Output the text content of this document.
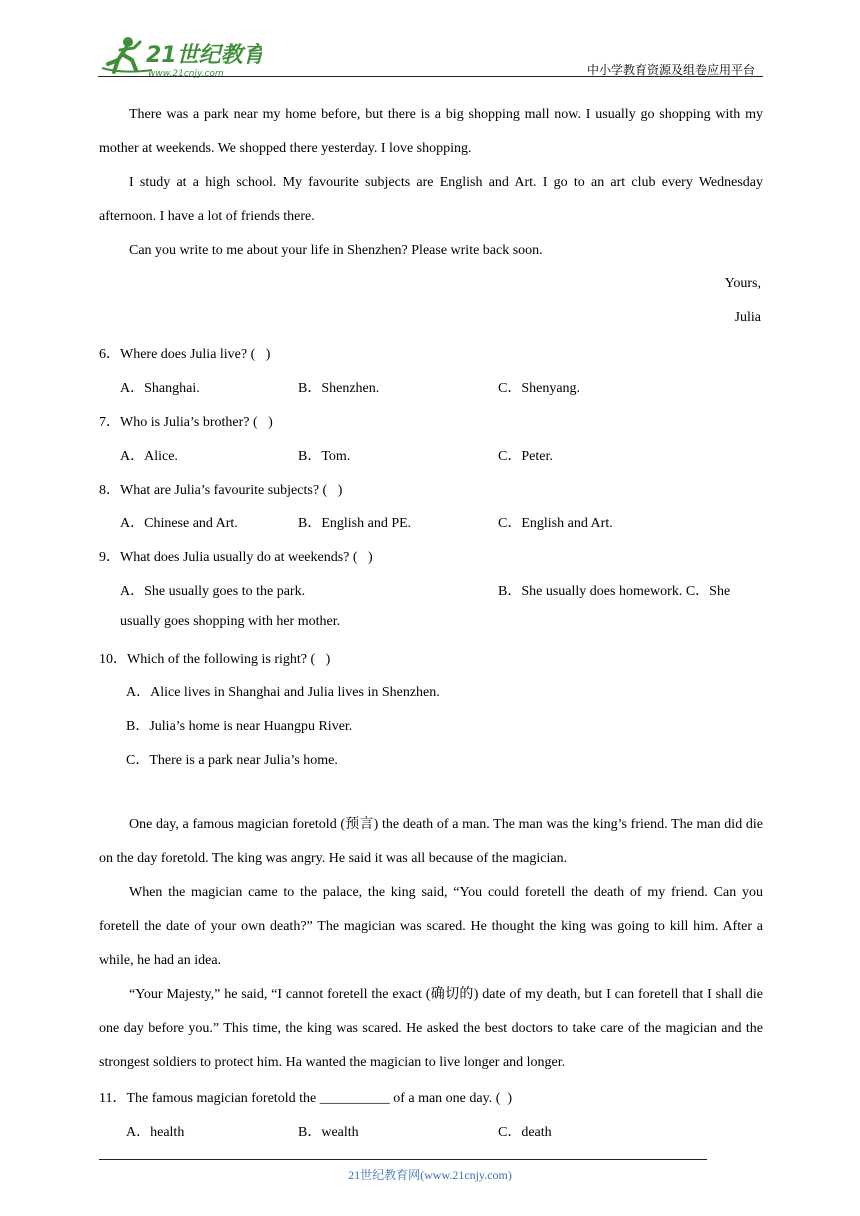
21世纪教育
www.21cnjy.com	中小学教育资源及组卷应用平台

There was a park near my home before, but there is a big shopping mall now. I usually go shopping with my mother at weekends. We shopped there yesterday. I love shopping.

I study at a high school. My favourite subjects are English and Art. I go to an art club every Wednesday afternoon. I have a lot of friends there.

Can you write to me about your life in Shenzhen? Please write back soon.

Yours,
Julia
6．Where does Julia live? (   )
A．Shanghai.	B．Shenzhen.	C．Shenyang.
7．Who is Julia’s brother? (   )
A．Alice.	B．Tom.	C．Peter.
8．What are Julia’s favourite subjects? (   )
A．Chinese and Art.	B．English and PE.	C．English and Art.
9．What does Julia usually do at weekends? (   )
A．She usually goes to the park.	B．She usually does homework. C．She
usually goes shopping with her mother.
10．Which of the following is right? (   )
A．Alice lives in Shanghai and Julia lives in Shenzhen.
B．Julia’s home is near Huangpu River.
C．There is a park near Julia’s home.

One day, a famous magician foretold (预言) the death of a man. The man was the king’s friend. The man did die on the day foretold. The king was angry. He said it was all because of the magician.

When the magician came to the palace, the king said, “You could foretell the death of my friend. Can you foretell the date of your own death?” The magician was scared. He thought the king was going to kill him. After a while, he had an idea.

“Your Majesty,” he said, “I cannot foretell the exact (确切的) date of my death, but I can foretell that I shall die one day before you.” This time, the king was scared. He asked the best doctors to take care of the magician and the strongest soldiers to protect him. Ha wanted the magician to live longer and longer.

11．The famous magician foretold the __________ of a man one day. (  )
A．health	B．wealth	C．death
21世纪教育网(www.21cnjy.com)
